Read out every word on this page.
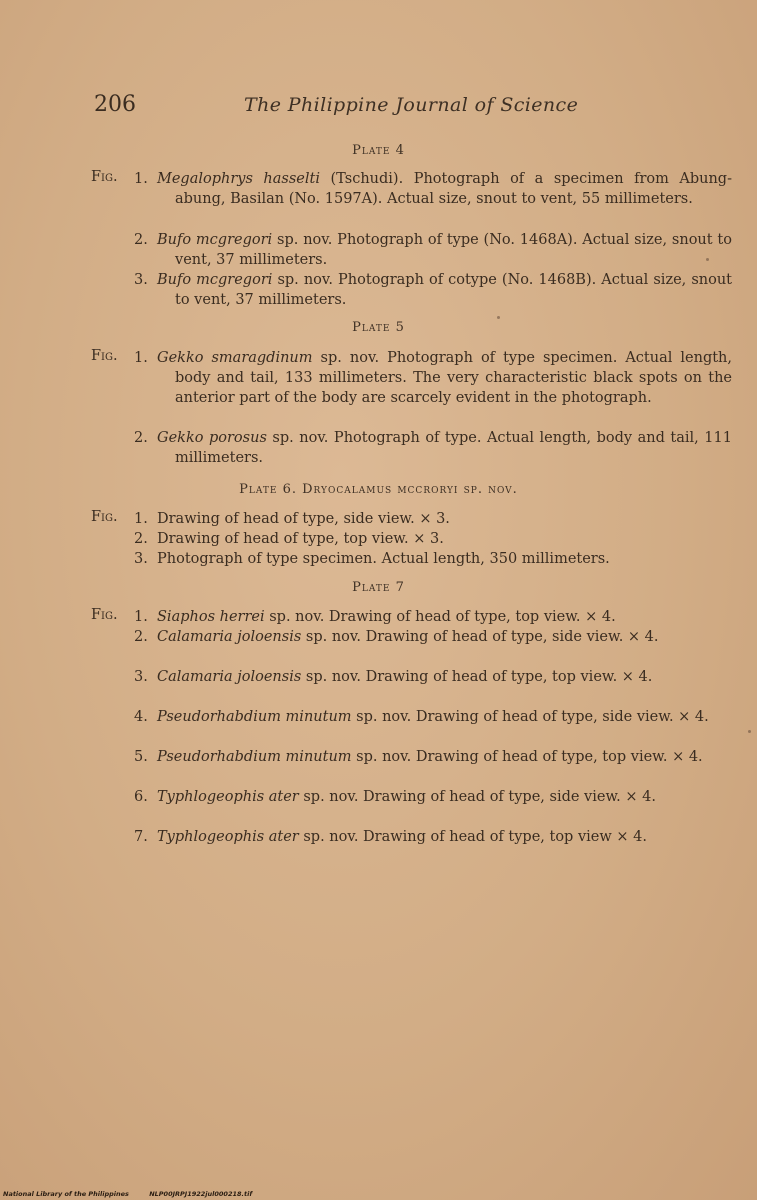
206	The Philippine Journal of Science
Plate 4
Fig. 1. Megalophrys hasselti (Tschudi). Photograph of a specimen from Abung-abung, Basilan (No. 1597A). Actual size, snout to vent, 55 millimeters.
2. Bufo mcgregori sp. nov. Photograph of type (No. 1468A). Actual size, snout to vent, 37 millimeters.
3. Bufo mcgregori sp. nov. Photograph of cotype (No. 1468B). Actual size, snout to vent, 37 millimeters.
Plate 5
Fig. 1. Gekko smaragdinum sp. nov. Photograph of type specimen. Actual length, body and tail, 133 millimeters. The very characteristic black spots on the anterior part of the body are scarcely evident in the photograph.
2. Gekko porosus sp. nov. Photograph of type. Actual length, body and tail, 111 millimeters.
Plate 6. Dryocalamus mccroryi sp. nov.
Fig. 1. Drawing of head of type, side view. × 3.
2. Drawing of head of type, top view. × 3.
3. Photograph of type specimen. Actual length, 350 millimeters.
Plate 7
Fig. 1. Siaphos herrei sp. nov. Drawing of head of type, top view. × 4.
2. Calamaria joloensis sp. nov. Drawing of head of type, side view. × 4.
3. Calamaria joloensis sp. nov. Drawing of head of type, top view. × 4.
4. Pseudorhabdium minutum sp. nov. Drawing of head of type, side view. × 4.
5. Pseudorhabdium minutum sp. nov. Drawing of head of type, top view. × 4.
6. Typhlogeophis ater sp. nov. Drawing of head of type, side view. × 4.
7. Typhlogeophis ater sp. nov. Drawing of head of type, top view × 4.
National Library of the Philippines	NLP00JRPJ1922jul000218.tif
